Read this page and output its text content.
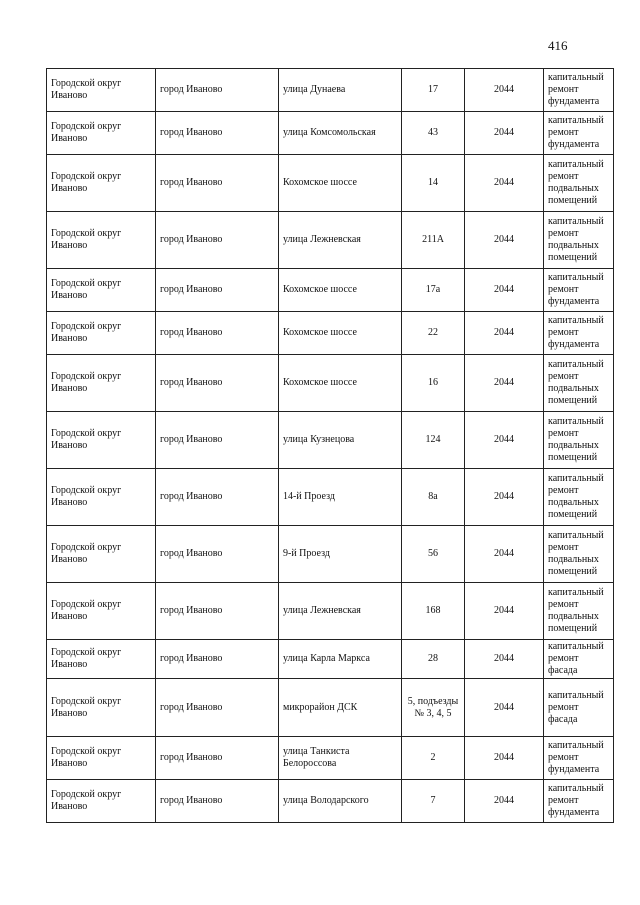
416
Городской округ Иваново	город Иваново	улица Дунаева	17	2044	капитальный ремонт фундамента
Городской округ Иваново	город Иваново	улица Комсомольская	43	2044	капитальный ремонт фундамента
Городской округ Иваново	город Иваново	Кохомское шоссе	14	2044	капитальный ремонт подвальных помещений
Городской округ Иваново	город Иваново	улица Лежневская	211А	2044	капитальный ремонт подвальных помещений
Городской округ Иваново	город Иваново	Кохомское шоссе	17а	2044	капитальный ремонт фундамента
Городской округ Иваново	город Иваново	Кохомское шоссе	22	2044	капитальный ремонт фундамента
Городской округ Иваново	город Иваново	Кохомское шоссе	16	2044	капитальный ремонт подвальных помещений
Городской округ Иваново	город Иваново	улица Кузнецова	124	2044	капитальный ремонт подвальных помещений
Городской округ Иваново	город Иваново	14-й Проезд	8а	2044	капитальный ремонт подвальных помещений
Городской округ Иваново	город Иваново	9-й Проезд	56	2044	капитальный ремонт подвальных помещений
Городской округ Иваново	город Иваново	улица Лежневская	168	2044	капитальный ремонт подвальных помещений
Городской округ Иваново	город Иваново	улица Карла Маркса	28	2044	капитальный ремонт фасада
Городской округ Иваново	город Иваново	микрорайон ДСК	5, подъезды № 3, 4, 5	2044	капитальный ремонт фасада
Городской округ Иваново	город Иваново	улица Танкиста Белороссова	2	2044	капитальный ремонт фундамента
Городской округ Иваново	город Иваново	улица Володарского	7	2044	капитальный ремонт фундамента
